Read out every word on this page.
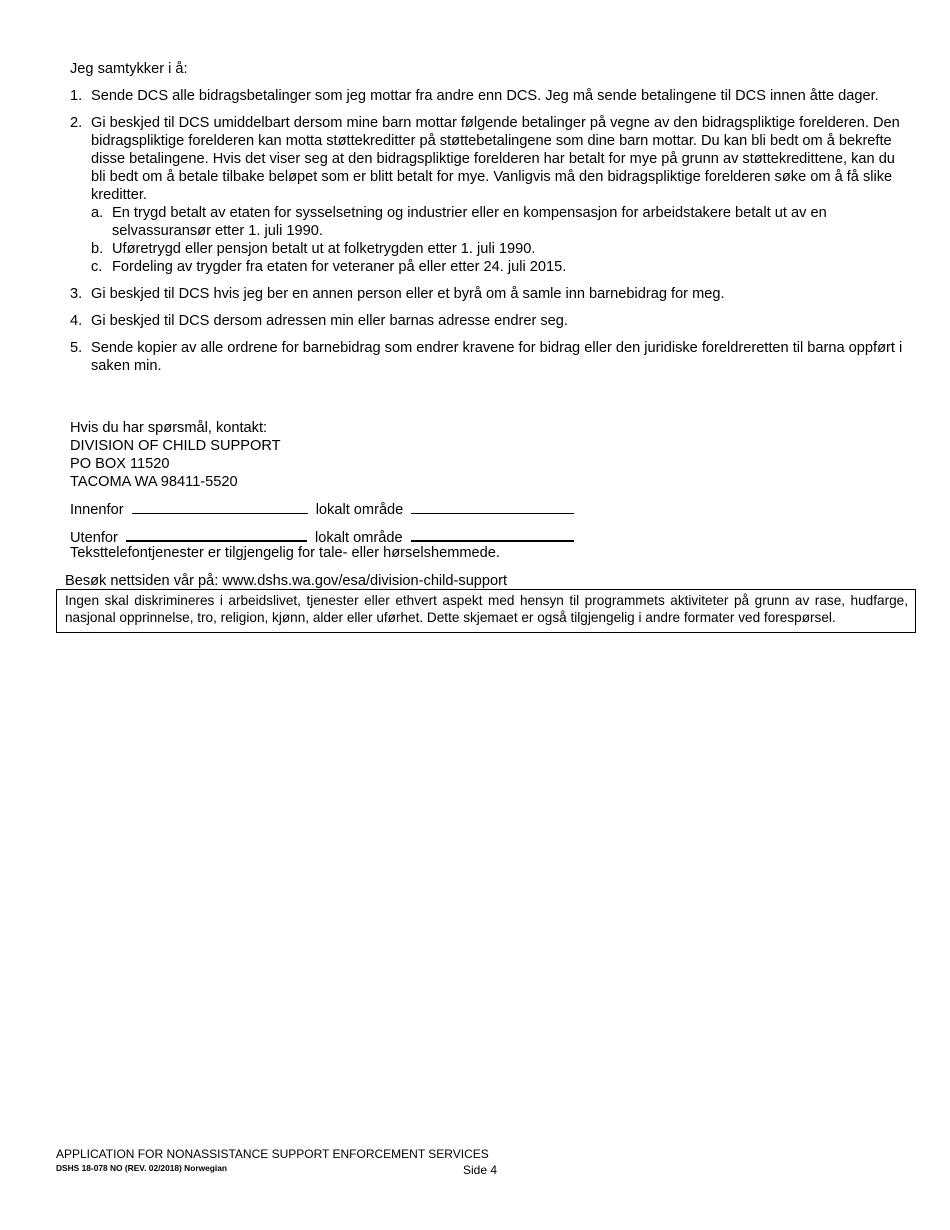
Jeg samtykker i å:

1. Sende DCS alle bidragsbetalinger som jeg mottar fra andre enn DCS. Jeg må sende betalingene til DCS innen åtte dager.
2. Gi beskjed til DCS umiddelbart dersom mine barn mottar følgende betalinger på vegne av den bidragspliktige forelderen. Den bidragspliktige forelderen kan motta støttekreditter på støttebetalingene som dine barn mottar. Du kan bli bedt om å bekrefte disse betalingene. Hvis det viser seg at den bidragspliktige forelderen har betalt for mye på grunn av støttekredittene, kan du bli bedt om å betale tilbake beløpet som er blitt betalt for mye. Vanligvis må den bidragspliktige forelderen søke om å få slike kreditter.
a. En trygd betalt av etaten for sysselsetning og industrier eller en kompensasjon for arbeidstakere betalt ut av en selvassuransør etter 1. juli 1990.
b. Uføretrygd eller pensjon betalt ut at folketrygden etter 1. juli 1990.
c. Fordeling av trygder fra etaten for veteraner på eller etter 24. juli 2015.
3. Gi beskjed til DCS hvis jeg ber en annen person eller et byrå om å samle inn barnebidrag for meg.
4. Gi beskjed til DCS dersom adressen min eller barnas adresse endrer seg.
5. Sende kopier av alle ordrene for barnebidrag som endrer kravene for bidrag eller den juridiske foreldreretten til barna oppført i saken min.
Hvis du har spørsmål, kontakt:
DIVISION OF CHILD SUPPORT
PO BOX 11520
TACOMA WA 98411-5520
Innenfor	lokalt område
Utenfor	lokalt område
Teksttelefontjenester er tilgjengelig for tale- eller hørselshemmede.
Besøk nettsiden vår på: www.dshs.wa.gov/esa/division-child-support
Ingen skal diskrimineres i arbeidslivet, tjenester eller ethvert aspekt med hensyn til programmets aktiviteter på grunn av rase, hudfarge, nasjonal opprinnelse, tro, religion, kjønn, alder eller uførhet. Dette skjemaet er også tilgjengelig i andre formater ved forespørsel.
APPLICATION FOR NONASSISTANCE SUPPORT ENFORCEMENT SERVICES
DSHS 18-078 NO (REV. 02/2018) Norwegian	Side 4
